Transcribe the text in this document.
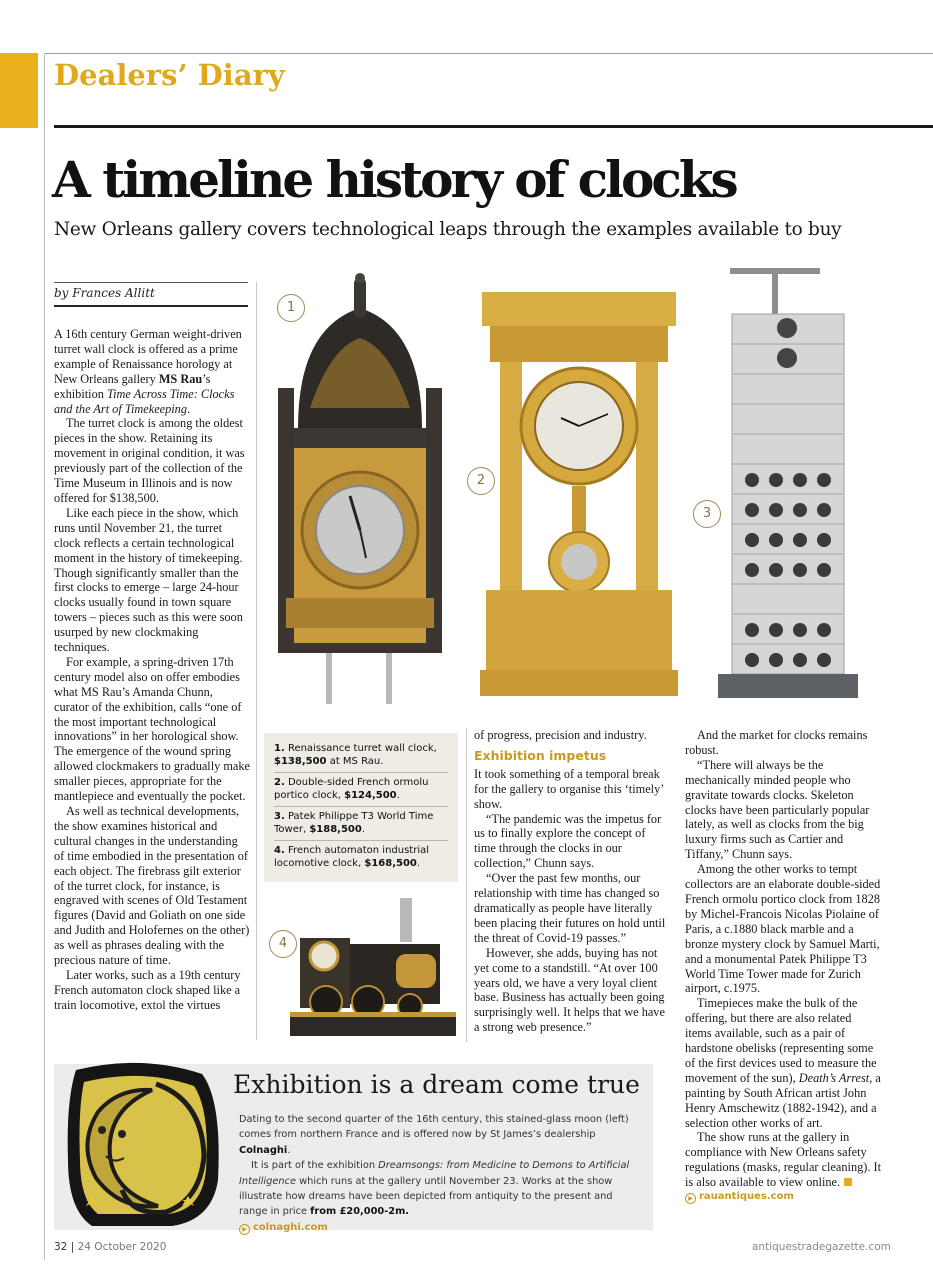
Dealers’ Diary
A timeline history of clocks
New Orleans gallery covers technological leaps through the examples available to buy
by Frances Allitt

A 16th century German weight-driven turret wall clock is offered as a prime example of Renaissance horology at New Orleans gallery MS Rau’s exhibition Time Across Time: Clocks and the Art of Timekeeping.

The turret clock is among the oldest pieces in the show. Retaining its movement in original condition, it was previously part of the collection of the Time Museum in Illinois and is now offered for $138,500.

Like each piece in the show, which runs until November 21, the turret clock reflects a certain technological moment in the history of timekeeping. Though significantly smaller than the first clocks to emerge – large 24-hour clocks usually found in town square towers – pieces such as this were soon usurped by new clockmaking techniques.

For example, a spring-driven 17th century model also on offer embodies what MS Rau’s Amanda Chunn, curator of the exhibition, calls “one of the most important technological innovations” in her horological show. The emergence of the wound spring allowed clockmakers to gradually make smaller pieces, appropriate for the mantlepiece and eventually the pocket.

As well as technical developments, the show examines historical and cultural changes in the understanding of time embodied in the presentation of each object. The firebrass gilt exterior of the turret clock, for instance, is engraved with scenes of Old Testament figures (David and Goliath on one side and Judith and Holofernes on the other) as well as phrases dealing with the precious nature of time.

Later works, such as a 19th century French automaton clock shaped like a train locomotive, extol the virtues

1
2
3
1. Renaissance turret wall clock, $138,500 at MS Rau.
2. Double-sided French ormolu portico clock, $124,500.
3. Patek Philippe T3 World Time Tower, $188,500.
4. French automaton industrial locomotive clock, $168,500.
4

of progress, precision and industry.

Exhibition impetus

It took something of a temporal break for the gallery to organise this ‘timely’ show.

“The pandemic was the impetus for us to finally explore the concept of time through the clocks in our collection,” Chunn says.

“Over the past few months, our relationship with time has changed so dramatically as people have literally been placing their futures on hold until the threat of Covid-19 passes.”

However, she adds, buying has not yet come to a standstill. “At over 100 years old, we have a very loyal client base. Business has actually been going surprisingly well. It helps that we have a strong web presence.”

And the market for clocks remains robust.

“There will always be the mechanically minded people who gravitate towards clocks. Skeleton clocks have been particularly popular lately, as well as clocks from the big luxury firms such as Cartier and Tiffany,” Chunn says.

Among the other works to tempt collectors are an elaborate double-sided French ormolu portico clock from 1828 by Michel-Francois Nicolas Piolaine of Paris, a c.1880 black marble and a bronze mystery clock by Samuel Marti, and a monumental Patek Philippe T3 World Time Tower made for Zurich airport, c.1975.

Timepieces make the bulk of the offering, but there are also related items available, such as a pair of hardstone obelisks (representing some of the first devices used to measure the movement of the sun), Death’s Arrest, a painting by South African artist John Henry Amschewitz (1882-1942), and a selection other works of art.

The show runs at the gallery in compliance with New Orleans safety regulations (masks, regular cleaning). It is also available to view online.

▶ rauantiques.com
Exhibition is a dream come true

Dating to the second quarter of the 16th century, this stained-glass moon (left) comes from northern France and is offered now by St James’s dealership Colnaghi.

It is part of the exhibition Dreamsongs: from Medicine to Demons to Artificial Intelligence which runs at the gallery until November 23. Works at the show illustrate how dreams have been depicted from antiquity to the present and range in price from £20,000-2m.

▶ colnaghi.com
32 | 24 October 2020	antiquestradegazette.com
